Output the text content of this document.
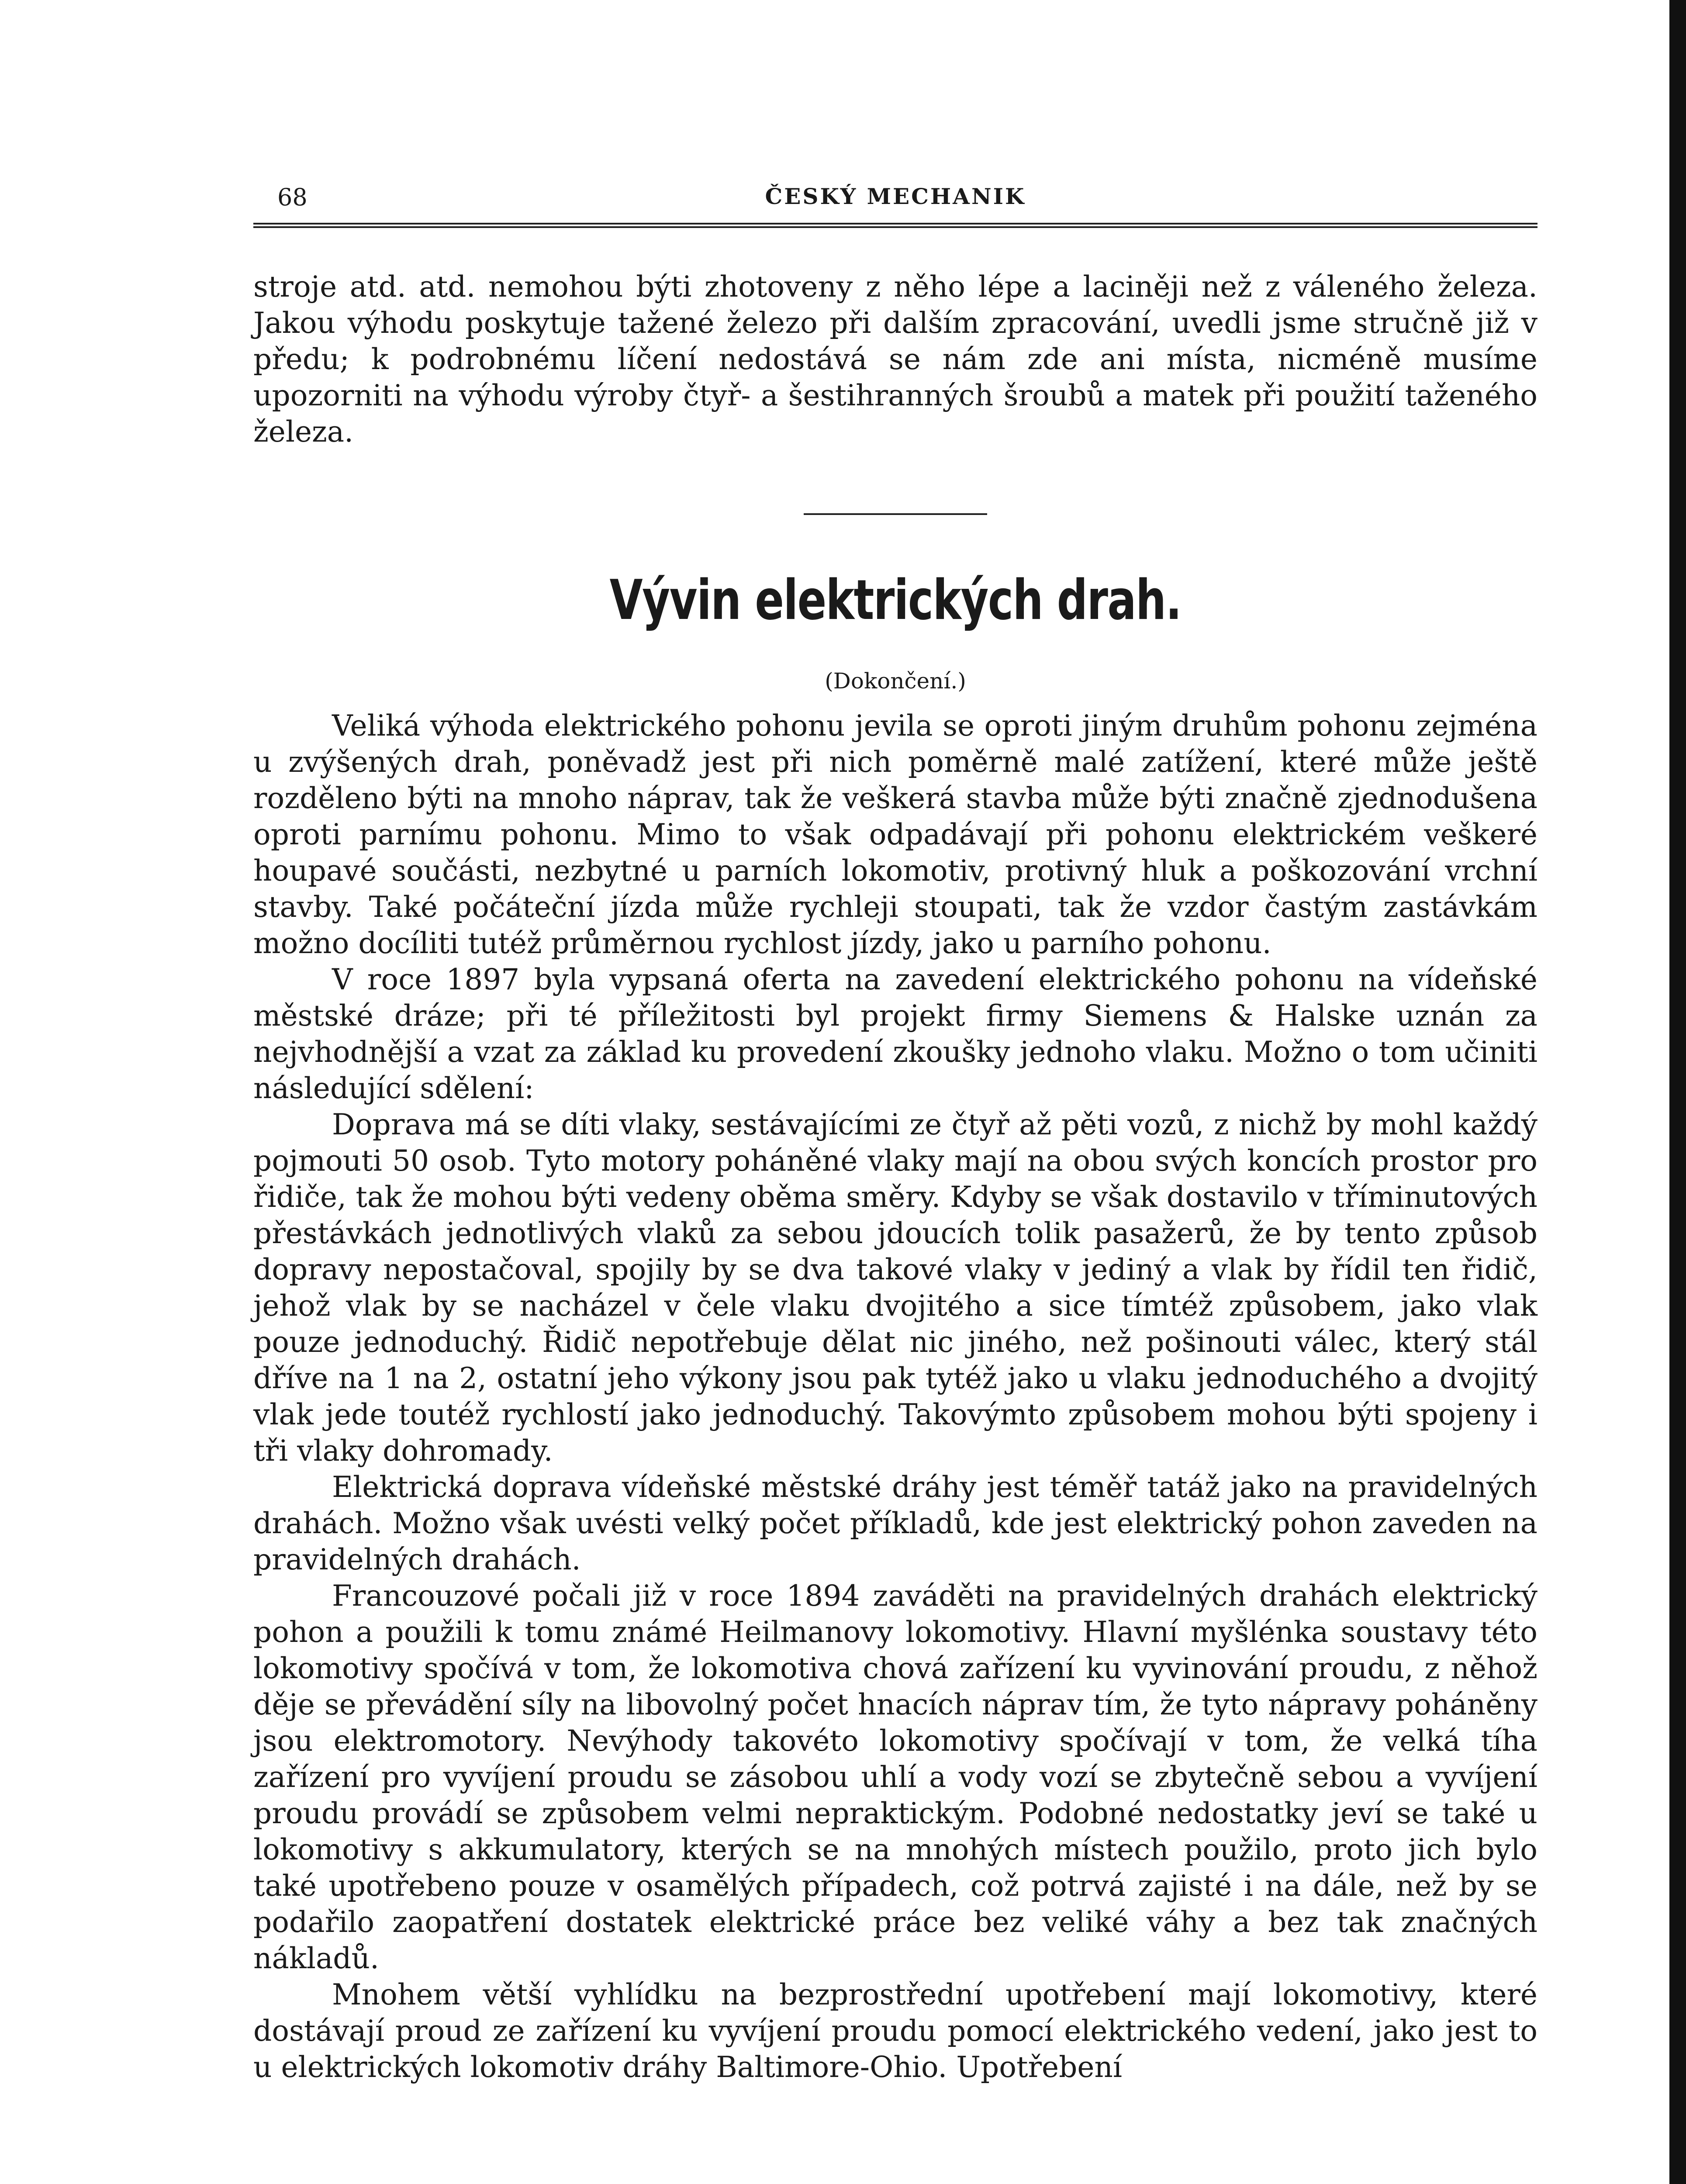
68	ČESKÝ MECHANIK

stroje atd. atd. nemohou býti zhotoveny z něho lépe a laciněji než z váleného železa. Jakou výhodu poskytuje tažené železo při dalším zpracování, uvedli jsme stručně již v předu; k podrobnému líčení nedostává se nám zde ani místa, nicméně musíme upozorniti na výhodu výroby čtyř- a šestihranných šroubů a matek při použití taženého železa.

Vývin elektrických drah.
(Dokončení.)

Veliká výhoda elektrického pohonu jevila se oproti jiným druhům pohonu zejména u zvýšených drah, poněvadž jest při nich poměrně malé zatížení, které může ještě rozděleno býti na mnoho náprav, tak že veškerá stavba může býti značně zjednodušena oproti parnímu pohonu. Mimo to však odpadávají při pohonu elektrickém veškeré houpavé součásti, nezbytné u parních lokomotiv, protivný hluk a poškozování vrchní stavby. Také počáteční jízda může rychleji stoupati, tak že vzdor častým zastávkám možno docíliti tutéž průměrnou rychlost jízdy, jako u parního pohonu.

V roce 1897 byla vypsaná oferta na zavedení elektrického pohonu na vídeňské městské dráze; při té příležitosti byl projekt firmy Siemens & Halske uznán za nejvhodnější a vzat za základ ku provedení zkoušky jednoho vlaku. Možno o tom učiniti následující sdělení:

Doprava má se díti vlaky, sestávajícími ze čtyř až pěti vozů, z nichž by mohl každý pojmouti 50 osob. Tyto motory poháněné vlaky mají na obou svých koncích prostor pro řidiče, tak že mohou býti vedeny oběma směry. Kdyby se však dostavilo v tříminutových přestávkách jednotlivých vlaků za sebou jdoucích tolik pasažerů, že by tento způsob dopravy nepostačoval, spojily by se dva takové vlaky v jediný a vlak by řídil ten řidič, jehož vlak by se nacházel v čele vlaku dvojitého a sice tímtéž způsobem, jako vlak pouze jednoduchý. Řidič nepotřebuje dělat nic jiného, než pošinouti válec, který stál dříve na 1 na 2, ostatní jeho výkony jsou pak tytéž jako u vlaku jednoduchého a dvojitý vlak jede toutéž rychlostí jako jednoduchý. Takovýmto způsobem mohou býti spojeny i tři vlaky dohromady.

Elektrická doprava vídeňské městské dráhy jest téměř tatáž jako na pravidelných drahách. Možno však uvésti velký počet příkladů, kde jest elektrický pohon zaveden na pravidelných drahách.

Francouzové počali již v roce 1894 zaváděti na pravidelných drahách elektrický pohon a použili k tomu známé Heilmanovy lokomotivy. Hlavní myšlénka soustavy této lokomotivy spočívá v tom, že lokomotiva chová zařízení ku vyvinování proudu, z něhož děje se převádění síly na libovolný počet hnacích náprav tím, že tyto nápravy poháněny jsou elektromotory. Nevýhody takovéto lokomotivy spočívají v tom, že velká tíha zařízení pro vyvíjení proudu se zásobou uhlí a vody vozí se zbytečně sebou a vyvíjení proudu provádí se způsobem velmi nepraktickým. Podobné nedostatky jeví se také u lokomotivy s akkumulatory, kterých se na mnohých místech použilo, proto jich bylo také upotřebeno pouze v osamělých případech, což potrvá zajisté i na dále, než by se podařilo zaopatření dostatek elektrické práce bez veliké váhy a bez tak značných nákladů.

Mnohem větší vyhlídku na bezprostřední upotřebení mají lokomotivy, které dostávají proud ze zařízení ku vyvíjení proudu pomocí elektrického vedení, jako jest to u elektrických lokomotiv dráhy Baltimore-Ohio. Upotřebení
